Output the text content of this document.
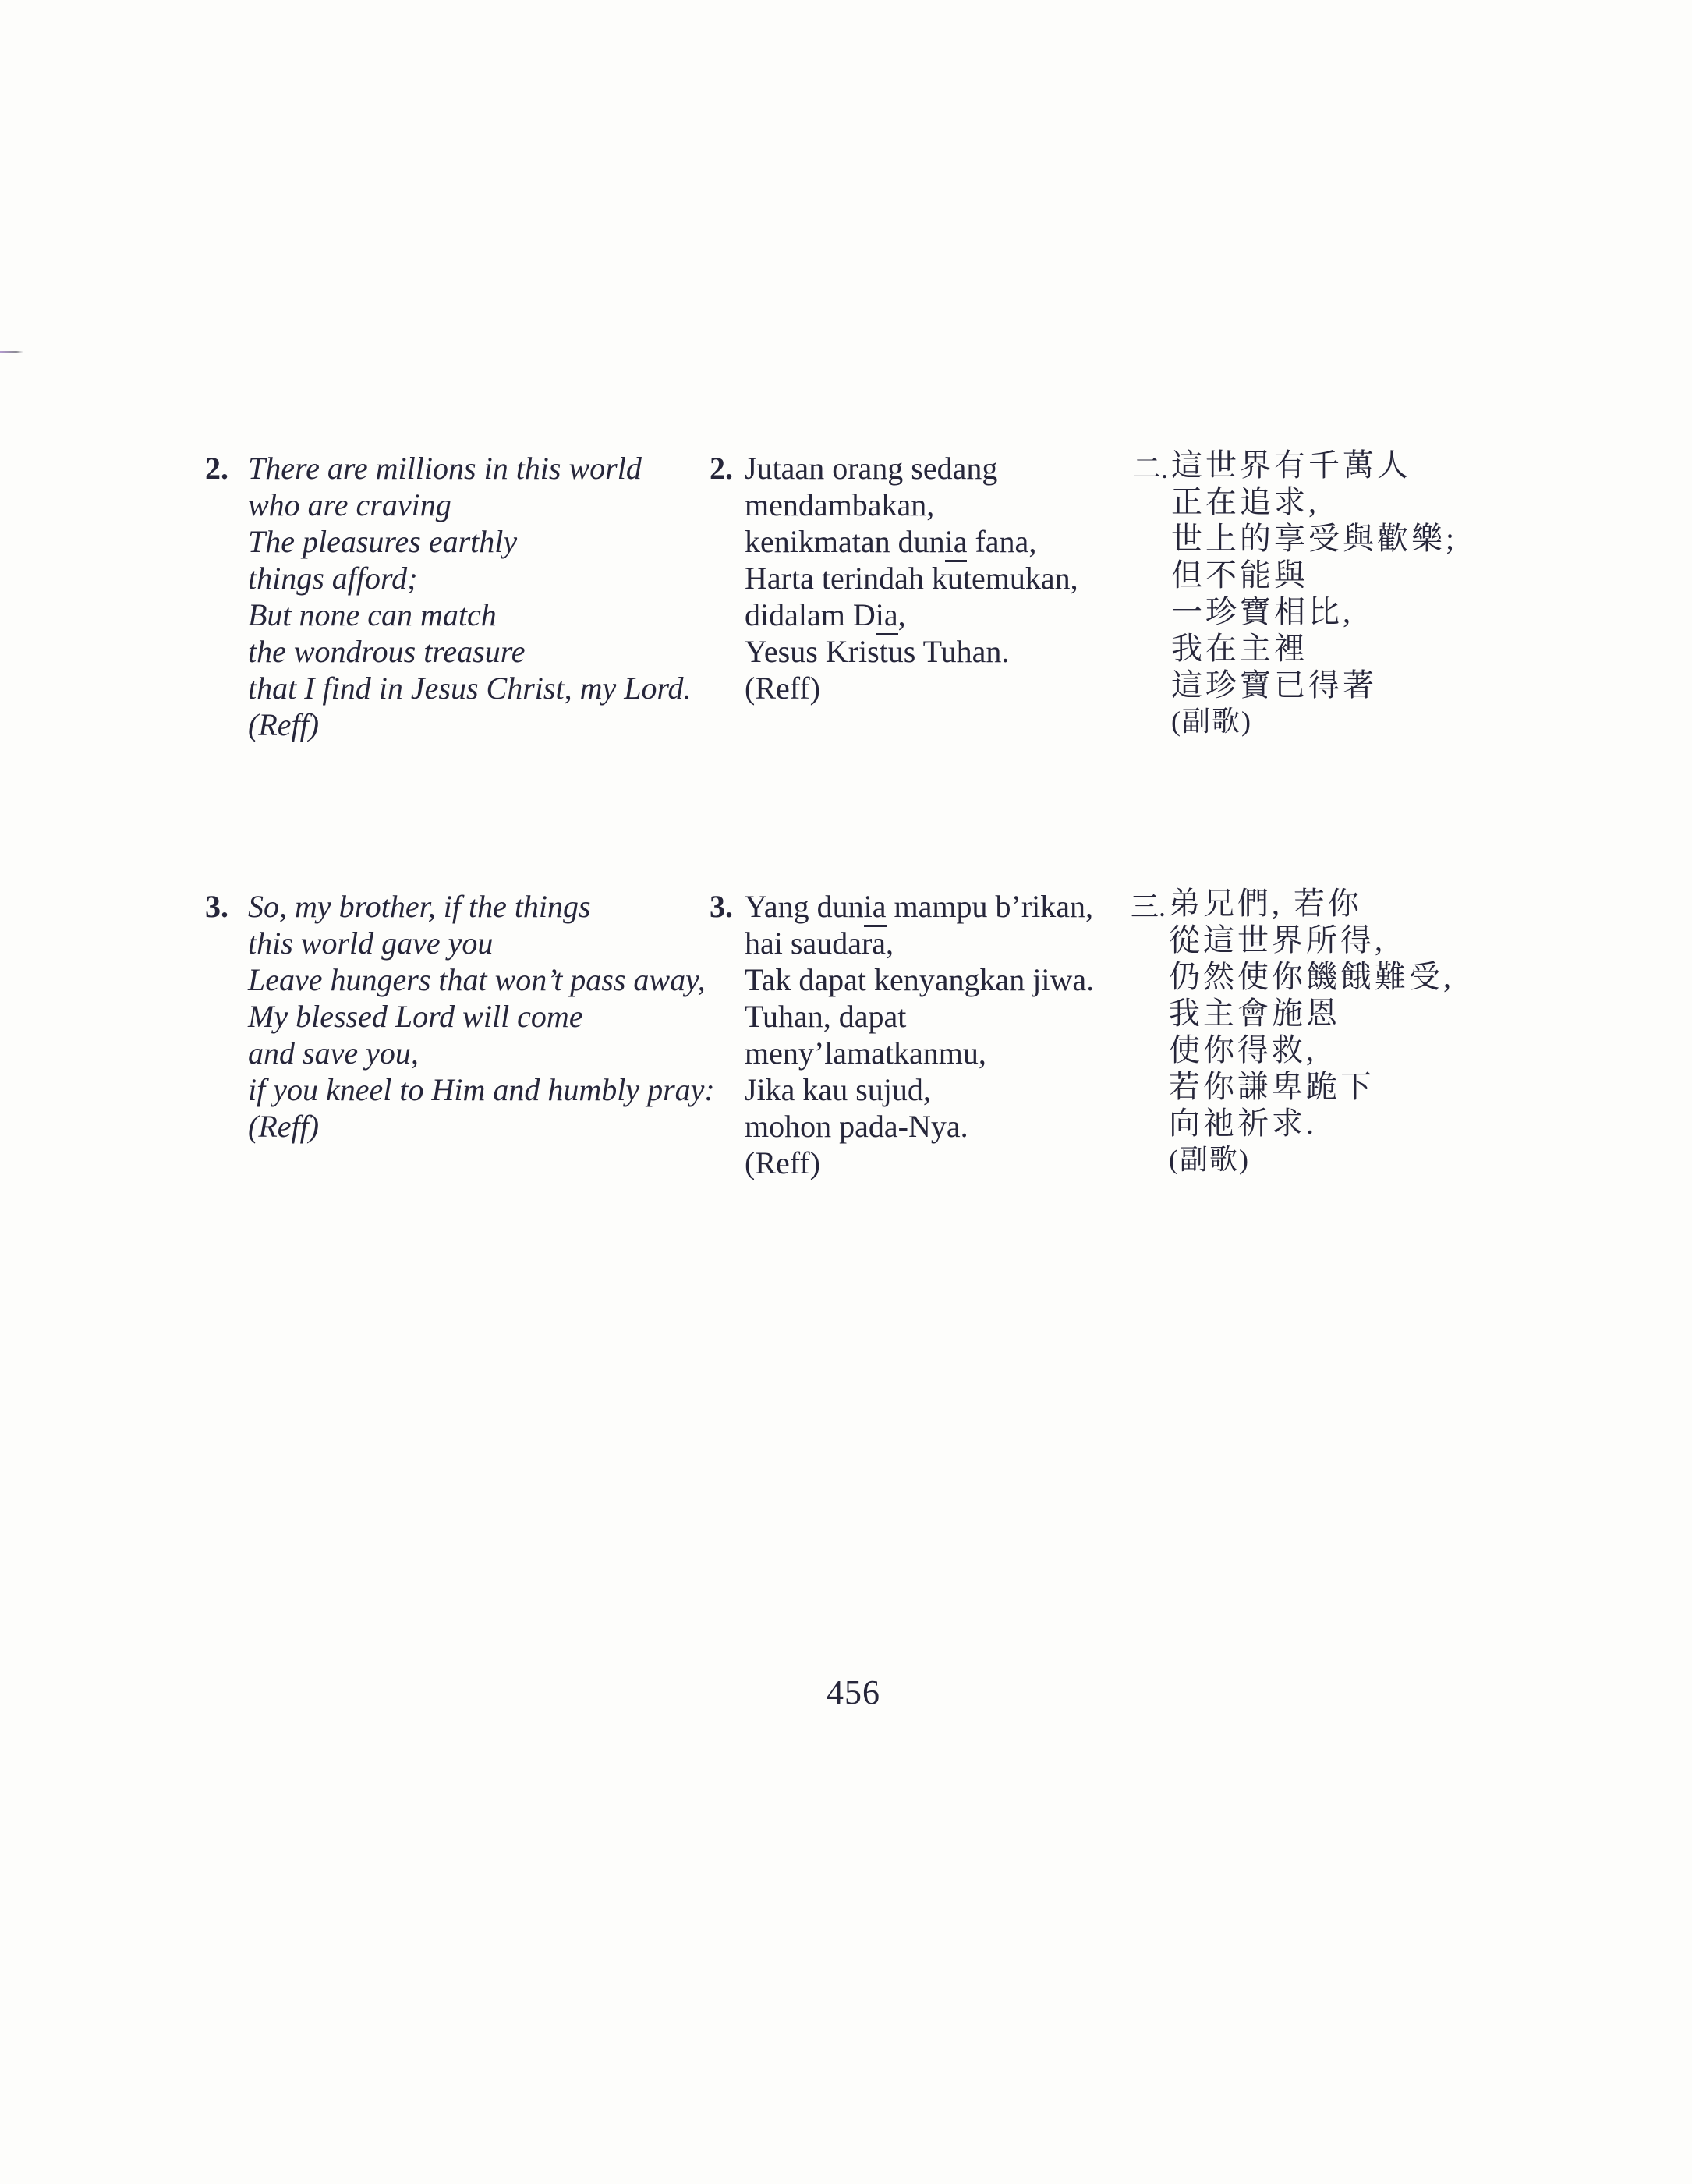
2. There are millions in this world
who are craving
The pleasures earthly
things afford;
But none can match
the wondrous treasure
that I find in Jesus Christ, my Lord.
(Reff)
2. Jutaan orang sedang
mendambakan,
kenikmatan dunia fana,
Harta terindah kutemukan,
didalam Dia,
Yesus Kristus Tuhan.
(Reff)
二. 這世界有千萬人
正在追求,
世上的享受與歡樂;
但不能與
一珍寶相比,
我在主裡
這珍寶已得著
(副歌)
3. So, my brother, if the things
this world gave you
Leave hungers that won’t pass away,
My blessed Lord will come
and save you,
if you kneel to Him and humbly pray:
(Reff)
3. Yang dunia mampu b’rikan,
hai saudara,
Tak dapat kenyangkan jiwa.
Tuhan, dapat
meny’lamatkanmu,
Jika kau sujud,
mohon pada-Nya.
(Reff)
三. 弟兄們, 若你
從這世界所得,
仍然使你饑餓難受,
我主會施恩
使你得救,
若你謙卑跪下
向祂祈求.
(副歌)
456
